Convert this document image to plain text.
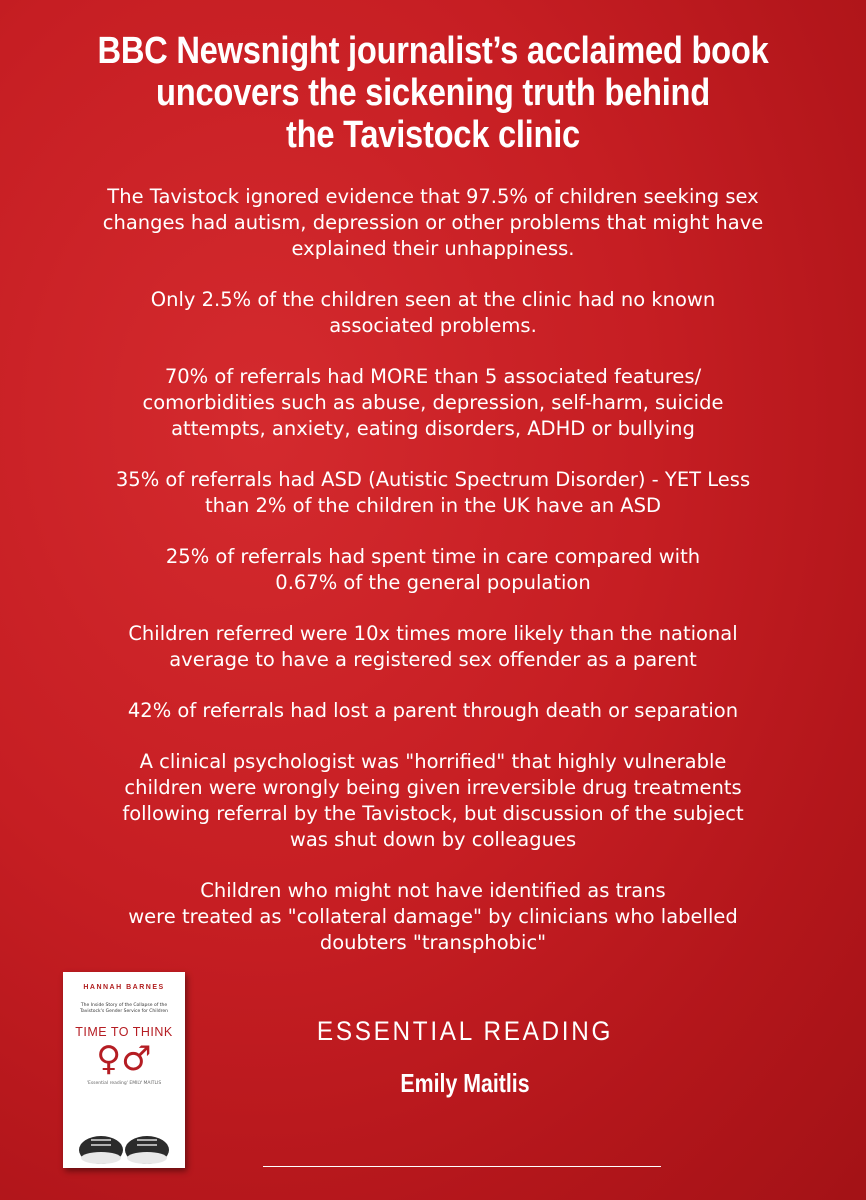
BBC Newsnight journalist’s acclaimed book
uncovers the sickening truth behind
the Tavistock clinic
The Tavistock ignored evidence that 97.5% of children seeking sex
changes had autism, depression or other problems that might have
explained their unhappiness.
Only 2.5% of the children seen at the clinic had no known
associated problems.
70% of referrals had MORE than 5 associated features/
comorbidities such as abuse, depression, self-harm, suicide
attempts, anxiety, eating disorders, ADHD or bullying
35% of referrals had ASD (Autistic Spectrum Disorder) - YET Less
than 2% of the children in the UK have an ASD
25% of referrals had spent time in care compared with
0.67% of the general population
Children referred were 10x times more likely than the national
average to have a registered sex offender as a parent
42% of referrals had lost a parent through death or separation
A clinical psychologist was "horrified" that highly vulnerable
children were wrongly being given irreversible drug treatments
following referral by the Tavistock, but discussion of the subject
was shut down by colleagues
Children who might not have identified as trans
were treated as "collateral damage" by clinicians who labelled
doubters "transphobic"
HANNAH BARNES
The Inside Story of the Collapse of the Tavistock's Gender Service for Children
TIME TO THINK
♀♂
'Essential reading' EMILY MAITLIS
ESSENTIAL READING
Emily Maitlis
